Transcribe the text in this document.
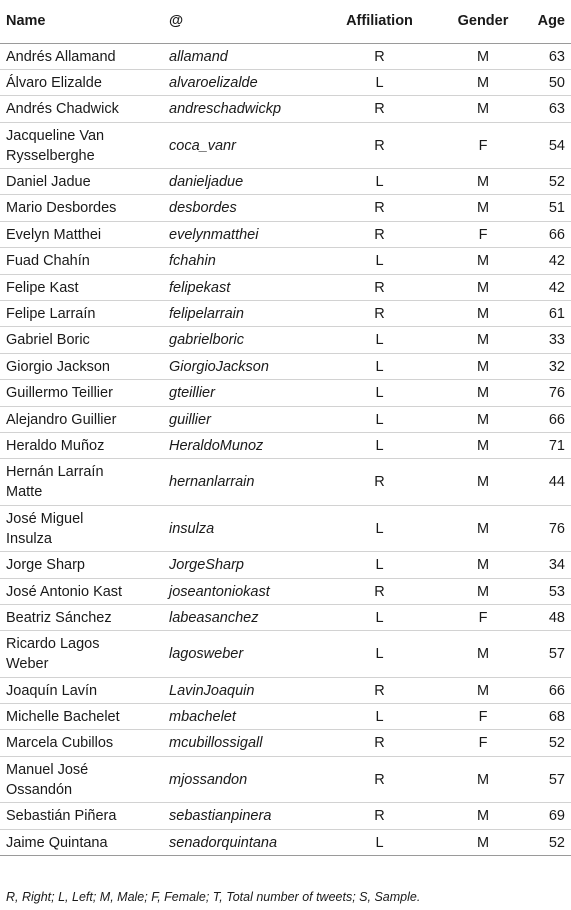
Name	@	Affiliation	Gender	Age

Andrés Allamand	allamand	R	M	63

Álvaro Elizalde	alvaroelizalde	L	M	50

Andrés Chadwick	andreschadwickp	R	M	63

Jacqueline Van
Rysselberghe	coca_vanr	R	F	54

Daniel Jadue	danieljadue	L	M	52

Mario Desbordes	desbordes	R	M	51

Evelyn Matthei	evelynmatthei	R	F	66

Fuad Chahín	fchahin	L	M	42

Felipe Kast	felipekast	R	M	42

Felipe Larraín	felipelarrain	R	M	61

Gabriel Boric	gabrielboric	L	M	33

Giorgio Jackson	GiorgioJackson	L	M	32

Guillermo Teillier	gteillier	L	M	76

Alejandro Guillier	guillier	L	M	66

Heraldo Muñoz	HeraldoMunoz	L	M	71

Hernán Larraín
Matte	hernanlarrain	R	M	44

José Miguel
Insulza	insulza	L	M	76

Jorge Sharp	JorgeSharp	L	M	34

José Antonio Kast	joseantoniokast	R	M	53

Beatriz Sánchez	labeasanchez	L	F	48

Ricardo Lagos
Weber	lagosweber	L	M	57

Joaquín Lavín	LavinJoaquin	R	M	66

Michelle Bachelet	mbachelet	L	F	68

Marcela Cubillos	mcubillossigall	R	F	52

Manuel José
Ossandón	mjossandon	R	M	57

Sebastián Piñera	sebastianpinera	R	M	69

Jaime Quintana	senadorquintana	L	M	52
R, Right; L, Left; M, Male; F, Female; T, Total number of tweets; S, Sample.
